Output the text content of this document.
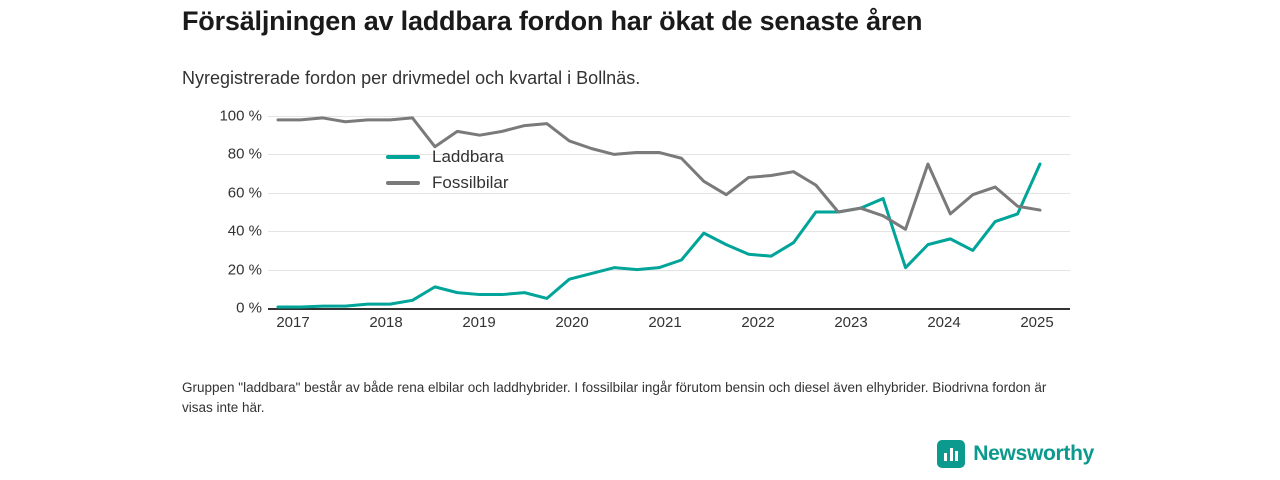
Försäljningen av laddbara fordon har ökat de senaste åren
Nyregistrerade fordon per drivmedel och kvartal i Bollnäs.
100 %
80 %
60 %
40 %
20 %
0 %
Laddbara
Fossilbilar
2017	2018	2019	2020	2021	2022	2023	2024	2025
Gruppen "laddbara" består av både rena elbilar och laddhybrider. I fossilbilar ingår förutom bensin och diesel även elhybrider. Biodrivna fordon är visas inte här.
Newsworthy
